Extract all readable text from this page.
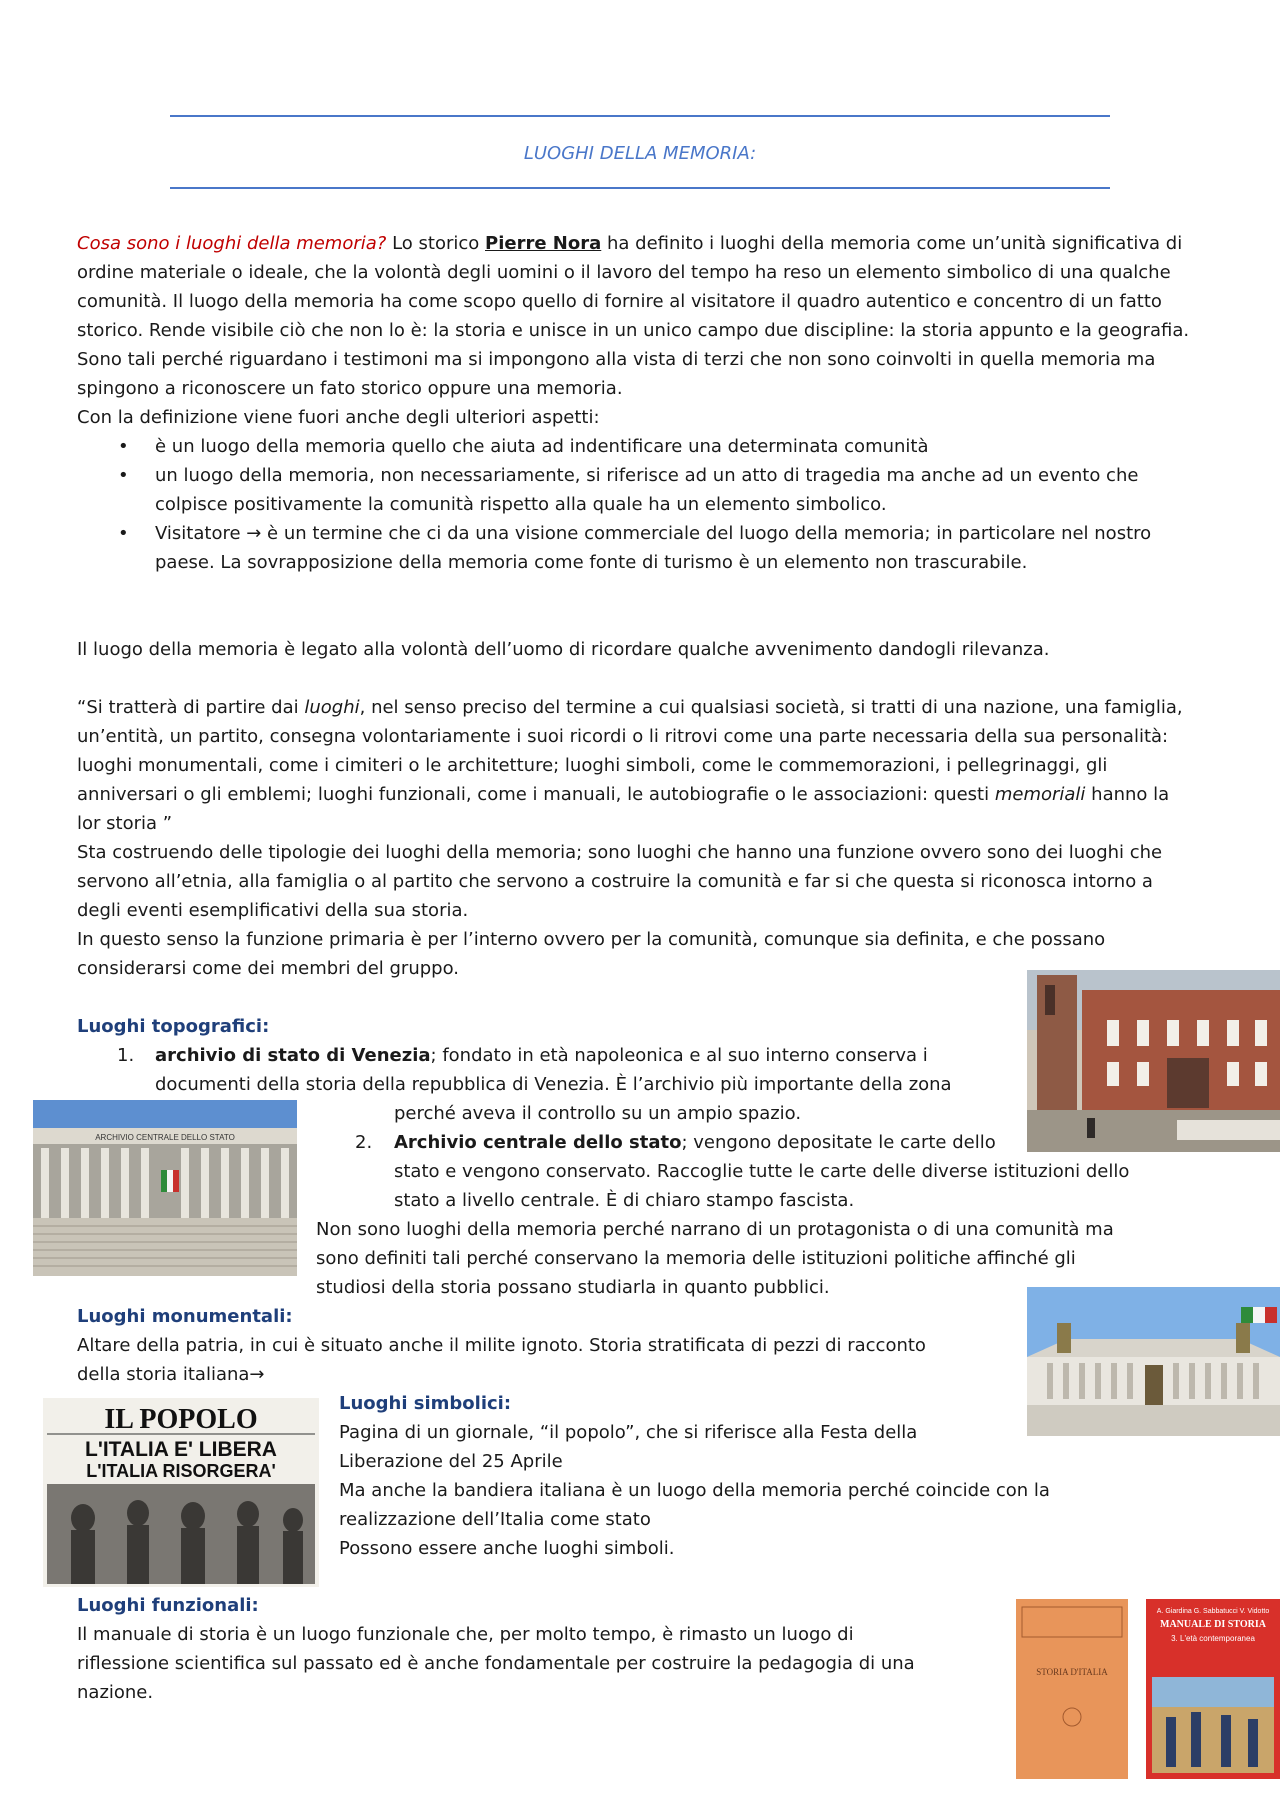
LUOGHI DELLA MEMORIA:

Cosa sono i luoghi della memoria? Lo storico Pierre Nora ha definito i luoghi della memoria come un’unità significativa di ordine materiale o ideale, che la volontà degli uomini o il lavoro del tempo ha reso un elemento simbolico di una qualche comunità. Il luogo della memoria ha come scopo quello di fornire al visitatore il quadro autentico e concentro di un fatto storico. Rende visibile ciò che non lo è: la storia e unisce in un unico campo due discipline: la storia appunto e la geografia.

Sono tali perché riguardano i testimoni ma si impongono alla vista di terzi che non sono coinvolti in quella memoria ma spingono a riconoscere un fato storico oppure una memoria.

Con la definizione viene fuori anche degli ulteriori aspetti:

• è un luogo della memoria quello che aiuta ad indentificare una determinata comunità
• un luogo della memoria, non necessariamente, si riferisce ad un atto di tragedia ma anche ad un evento che colpisce positivamente la comunità rispetto alla quale ha un elemento simbolico.
• Visitatore → è un termine che ci da una visione commerciale del luogo della memoria; in particolare nel nostro paese. La sovrapposizione della memoria come fonte di turismo è un elemento non trascurabile.
Il luogo della memoria è legato alla volontà dell’uomo di ricordare qualche avvenimento dandogli rilevanza.

“Si tratterà di partire dai luoghi, nel senso preciso del termine a cui qualsiasi società, si tratti di una nazione, una famiglia, un’entità, un partito, consegna volontariamente i suoi ricordi o li ritrovi come una parte necessaria della sua personalità: luoghi monumentali, come i cimiteri o le architetture; luoghi simboli, come le commemorazioni, i pellegrinaggi, gli anniversari o gli emblemi; luoghi funzionali, come i manuali, le autobiografie o le associazioni: questi memoriali hanno la lor storia ”

Sta costruendo delle tipologie dei luoghi della memoria; sono luoghi che hanno una funzione ovvero sono dei luoghi che servono all’etnia, alla famiglia o al partito che servono a costruire la comunità e far si che questa si riconosca intorno a degli eventi esemplificativi della sua storia.

In questo senso la funzione primaria è per l’interno ovvero per la comunità, comunque sia definita, e che possano considerarsi come dei membri del gruppo.

Luoghi topografici:
1. archivio di stato di Venezia; fondato in età napoleonica e al suo interno conserva i
documenti della storia della repubblica di Venezia. È l’archivio più importante della zona
perché aveva il controllo su un ampio spazio.
2. Archivio centrale dello stato; vengono depositate le carte dello
stato e vengono conservato. Raccoglie tutte le carte delle diverse istituzioni dello
stato a livello centrale. È di chiaro stampo fascista.
Non sono luoghi della memoria perché narrano di un protagonista o di una comunità ma
sono definiti tali perché conservano la memoria delle istituzioni politiche affinché gli
studiosi della storia possano studiarla in quanto pubblici.
Luoghi monumentali:
Altare della patria, in cui è situato anche il milite ignoto. Storia stratificata di pezzi di racconto
della storia italiana→
Luoghi simbolici:
Pagina di un giornale, “il popolo”, che si riferisce alla Festa della
Liberazione del 25 Aprile
Ma anche la bandiera italiana è un luogo della memoria perché coincide con la
realizzazione dell’Italia come stato
Possono essere anche luoghi simboli.
Luoghi funzionali:
Il manuale di storia è un luogo funzionale che, per molto tempo, è rimasto un luogo di
riflessione scientifica sul passato ed è anche fondamentale per costruire la pedagogia di una
nazione.
ARCHIVIO CENTRALE DELLO STATO
IL POPOLO
L'ITALIA E' LIBERA
L'ITALIA RISORGERA'
STORIA D'ITALIA
A. Giardina G. Sabbatucci V. Vidotto
MANUALE DI STORIA
3. L'età contemporanea
